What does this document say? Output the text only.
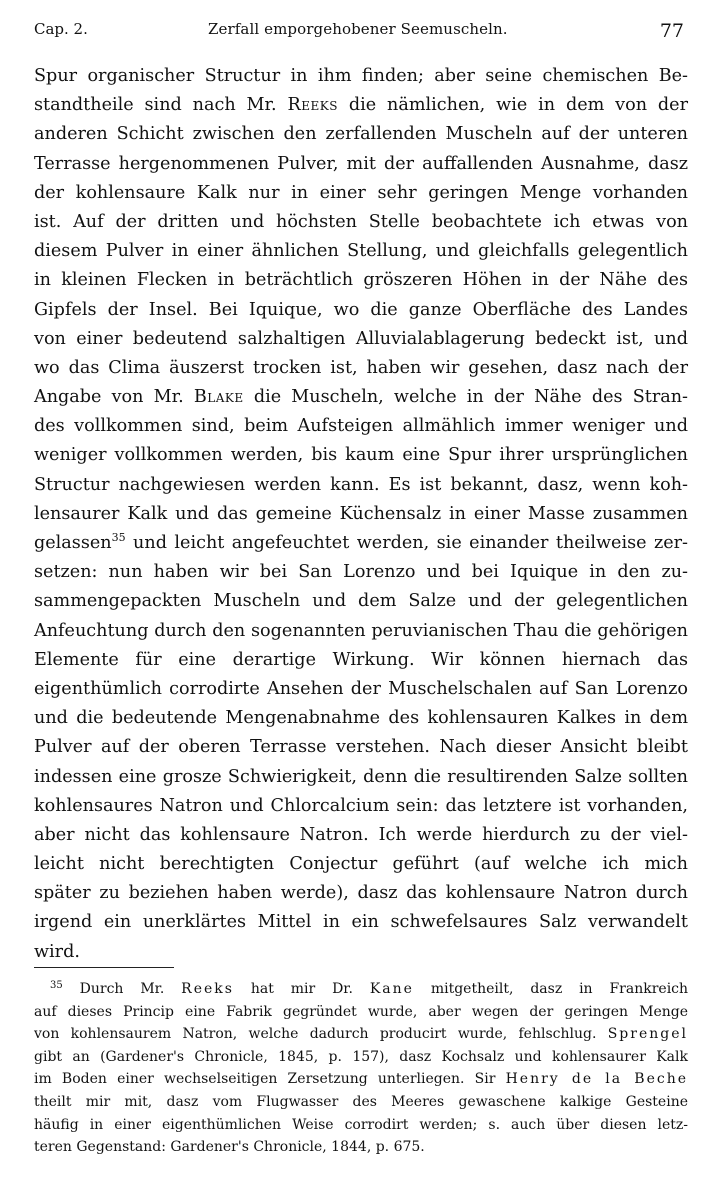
Cap. 2.	Zerfall emporgehobener Seemuscheln.	77
Spur organischer Structur in ihm finden; aber seine chemischen Be-
standtheile sind nach Mr. Reeks die nämlichen, wie in dem von der
anderen Schicht zwischen den zerfallenden Muscheln auf der unteren
Terrasse hergenommenen Pulver, mit der auffallenden Ausnahme, dasz
der kohlensaure Kalk nur in einer sehr geringen Menge vorhanden
ist. Auf der dritten und höchsten Stelle beobachtete ich etwas von
diesem Pulver in einer ähnlichen Stellung, und gleichfalls gelegentlich
in kleinen Flecken in beträchtlich gröszeren Höhen in der Nähe des
Gipfels der Insel. Bei Iquique, wo die ganze Oberfläche des Landes
von einer bedeutend salzhaltigen Alluvialablagerung bedeckt ist, und
wo das Clima äuszerst trocken ist, haben wir gesehen, dasz nach der
Angabe von Mr. Blake die Muscheln, welche in der Nähe des Stran-
des vollkommen sind, beim Aufsteigen allmählich immer weniger und
weniger vollkommen werden, bis kaum eine Spur ihrer ursprünglichen
Structur nachgewiesen werden kann. Es ist bekannt, dasz, wenn koh-
lensaurer Kalk und das gemeine Küchensalz in einer Masse zusammen
gelassen$^{35}$ und leicht angefeuchtet werden, sie einander theilweise zer-
setzen: nun haben wir bei San Lorenzo und bei Iquique in den zu-
sammengepackten Muscheln und dem Salze und der gelegentlichen
Anfeuchtung durch den sogenannten peruvianischen Thau die gehörigen
Elemente für eine derartige Wirkung. Wir können hiernach das
eigenthümlich corrodirte Ansehen der Muschelschalen auf San Lorenzo
und die bedeutende Mengenabnahme des kohlensauren Kalkes in dem
Pulver auf der oberen Terrasse verstehen. Nach dieser Ansicht bleibt
indessen eine grosze Schwierigkeit, denn die resultirenden Salze sollten
kohlensaures Natron und Chlorcalcium sein: das letztere ist vorhanden,
aber nicht das kohlensaure Natron. Ich werde hierdurch zu der viel-
leicht nicht berechtigten Conjectur geführt (auf welche ich mich
später zu beziehen haben werde), dasz das kohlensaure Natron durch
irgend ein unerklärtes Mittel in ein schwefelsaures Salz verwandelt
wird.
$^{35}$ Durch Mr. Reeks hat mir Dr. Kane mitgetheilt, dasz in Frankreich
auf dieses Princip eine Fabrik gegründet wurde, aber wegen der geringen Menge
von kohlensaurem Natron, welche dadurch producirt wurde, fehlschlug. Sprengel
gibt an (Gardener's Chronicle, 1845, p. 157), dasz Kochsalz und kohlensaurer Kalk
im Boden einer wechselseitigen Zersetzung unterliegen. Sir Henry de la Beche
theilt mir mit, dasz vom Flugwasser des Meeres gewaschene kalkige Gesteine
häufig in einer eigenthümlichen Weise corrodirt werden; s. auch über diesen letz-
teren Gegenstand: Gardener's Chronicle, 1844, p. 675.
